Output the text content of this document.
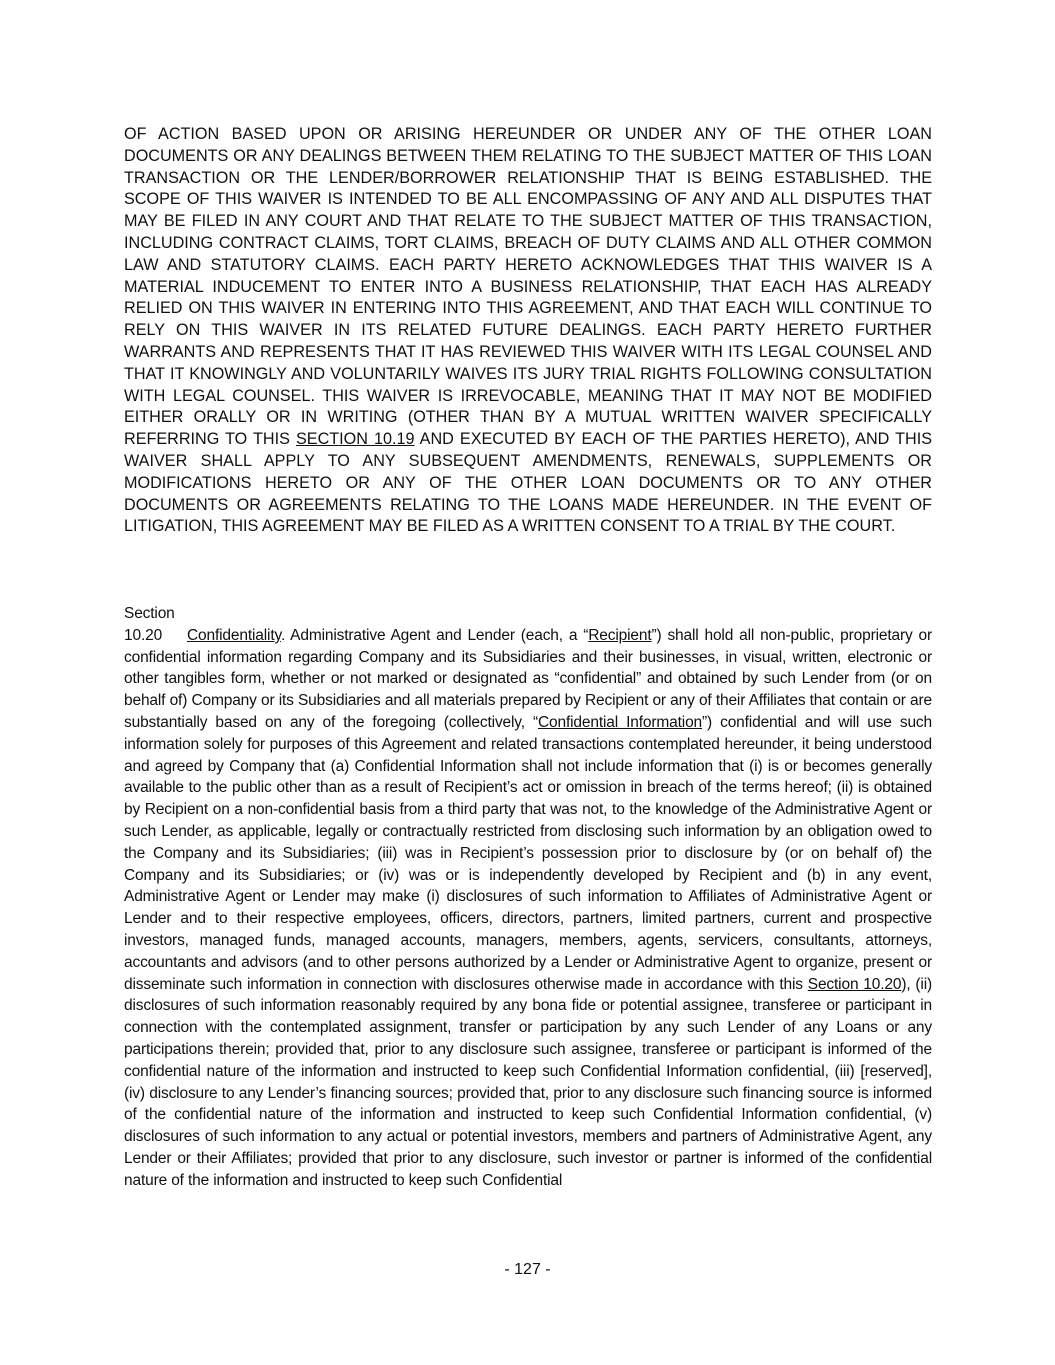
OF ACTION BASED UPON OR ARISING HEREUNDER OR UNDER ANY OF THE OTHER LOAN DOCUMENTS OR ANY DEALINGS BETWEEN THEM RELATING TO THE SUBJECT MATTER OF THIS LOAN TRANSACTION OR THE LENDER/BORROWER RELATIONSHIP THAT IS BEING ESTABLISHED. THE SCOPE OF THIS WAIVER IS INTENDED TO BE ALL ENCOMPASSING OF ANY AND ALL DISPUTES THAT MAY BE FILED IN ANY COURT AND THAT RELATE TO THE SUBJECT MATTER OF THIS TRANSACTION, INCLUDING CONTRACT CLAIMS, TORT CLAIMS, BREACH OF DUTY CLAIMS AND ALL OTHER COMMON LAW AND STATUTORY CLAIMS. EACH PARTY HERETO ACKNOWLEDGES THAT THIS WAIVER IS A MATERIAL INDUCEMENT TO ENTER INTO A BUSINESS RELATIONSHIP, THAT EACH HAS ALREADY RELIED ON THIS WAIVER IN ENTERING INTO THIS AGREEMENT, AND THAT EACH WILL CONTINUE TO RELY ON THIS WAIVER IN ITS RELATED FUTURE DEALINGS. EACH PARTY HERETO FURTHER WARRANTS AND REPRESENTS THAT IT HAS REVIEWED THIS WAIVER WITH ITS LEGAL COUNSEL AND THAT IT KNOWINGLY AND VOLUNTARILY WAIVES ITS JURY TRIAL RIGHTS FOLLOWING CONSULTATION WITH LEGAL COUNSEL. THIS WAIVER IS IRREVOCABLE, MEANING THAT IT MAY NOT BE MODIFIED EITHER ORALLY OR IN WRITING (OTHER THAN BY A MUTUAL WRITTEN WAIVER SPECIFICALLY REFERRING TO THIS SECTION 10.19 AND EXECUTED BY EACH OF THE PARTIES HERETO), AND THIS WAIVER SHALL APPLY TO ANY SUBSEQUENT AMENDMENTS, RENEWALS, SUPPLEMENTS OR MODIFICATIONS HERETO OR ANY OF THE OTHER LOAN DOCUMENTS OR TO ANY OTHER DOCUMENTS OR AGREEMENTS RELATING TO THE LOANS MADE HEREUNDER. IN THE EVENT OF LITIGATION, THIS AGREEMENT MAY BE FILED AS A WRITTEN CONSENT TO A TRIAL BY THE COURT.

Section 10.20 Confidentiality. Administrative Agent and Lender (each, a “Recipient”) shall hold all non-public, proprietary or confidential information regarding Company and its Subsidiaries and their businesses, in visual, written, electronic or other tangibles form, whether or not marked or designated as “confidential” and obtained by such Lender from (or on behalf of) Company or its Subsidiaries and all materials prepared by Recipient or any of their Affiliates that contain or are substantially based on any of the foregoing (collectively, “Confidential Information”) confidential and will use such information solely for purposes of this Agreement and related transactions contemplated hereunder, it being understood and agreed by Company that (a) Confidential Information shall not include information that (i) is or becomes generally available to the public other than as a result of Recipient’s act or omission in breach of the terms hereof; (ii) is obtained by Recipient on a non-confidential basis from a third party that was not, to the knowledge of the Administrative Agent or such Lender, as applicable, legally or contractually restricted from disclosing such information by an obligation owed to the Company and its Subsidiaries; (iii) was in Recipient’s possession prior to disclosure by (or on behalf of) the Company and its Subsidiaries; or (iv) was or is independently developed by Recipient and (b) in any event, Administrative Agent or Lender may make (i) disclosures of such information to Affiliates of Administrative Agent or Lender and to their respective employees, officers, directors, partners, limited partners, current and prospective investors, managed funds, managed accounts, managers, members, agents, servicers, consultants, attorneys, accountants and advisors (and to other persons authorized by a Lender or Administrative Agent to organize, present or disseminate such information in connection with disclosures otherwise made in accordance with this Section 10.20), (ii) disclosures of such information reasonably required by any bona fide or potential assignee, transferee or participant in connection with the contemplated assignment, transfer or participation by any such Lender of any Loans or any participations therein; provided that, prior to any disclosure such assignee, transferee or participant is informed of the confidential nature of the information and instructed to keep such Confidential Information confidential, (iii) [reserved], (iv) disclosure to any Lender’s financing sources; provided that, prior to any disclosure such financing source is informed of the confidential nature of the information and instructed to keep such Confidential Information confidential, (v) disclosures of such information to any actual or potential investors, members and partners of Administrative Agent, any Lender or their Affiliates; provided that prior to any disclosure, such investor or partner is informed of the confidential nature of the information and instructed to keep such Confidential

- 127 -
